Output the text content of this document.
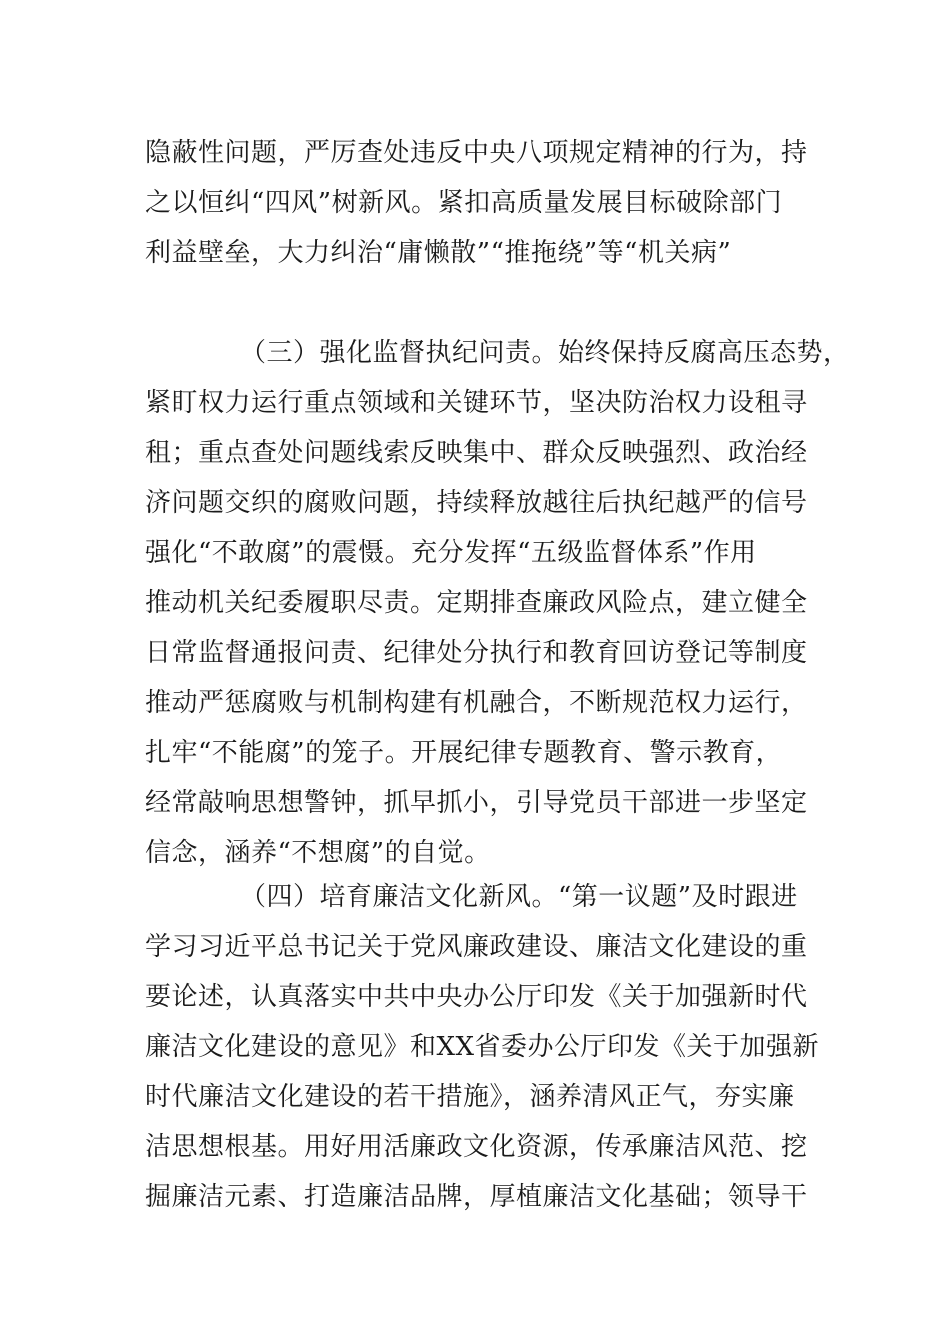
隐蔽性问题，严厉查处违反中央八项规定精神的行为，持
之以恒纠“四风”树新风。紧扣高质量发展目标破除部门
利益壁垒，大力纠治“庸懒散”“推拖绕”等“机关病”
（三）强化监督执纪问责。始终保持反腐高压态势，
紧盯权力运行重点领域和关键环节，坚决防治权力设租寻
租；重点查处问题线索反映集中、群众反映强烈、政治经
济问题交织的腐败问题，持续释放越往后执纪越严的信号
强化“不敢腐”的震慑。充分发挥“五级监督体系”作用
推动机关纪委履职尽责。定期排查廉政风险点，建立健全
日常监督通报问责、纪律处分执行和教育回访登记等制度
推动严惩腐败与机制构建有机融合，不断规范权力运行，
扎牢“不能腐”的笼子。开展纪律专题教育、警示教育，
经常敲响思想警钟，抓早抓小，引导党员干部进一步坚定
信念，涵养“不想腐”的自觉。
（四）培育廉洁文化新风。“第一议题”及时跟进
学习习近平总书记关于党风廉政建设、廉洁文化建设的重
要论述，认真落实中共中央办公厅印发《关于加强新时代
廉洁文化建设的意见》和XX省委办公厅印发《关于加强新
时代廉洁文化建设的若干措施》，涵养清风正气，夯实廉
洁思想根基。用好用活廉政文化资源，传承廉洁风范、挖
掘廉洁元素、打造廉洁品牌，厚植廉洁文化基础；领导干
